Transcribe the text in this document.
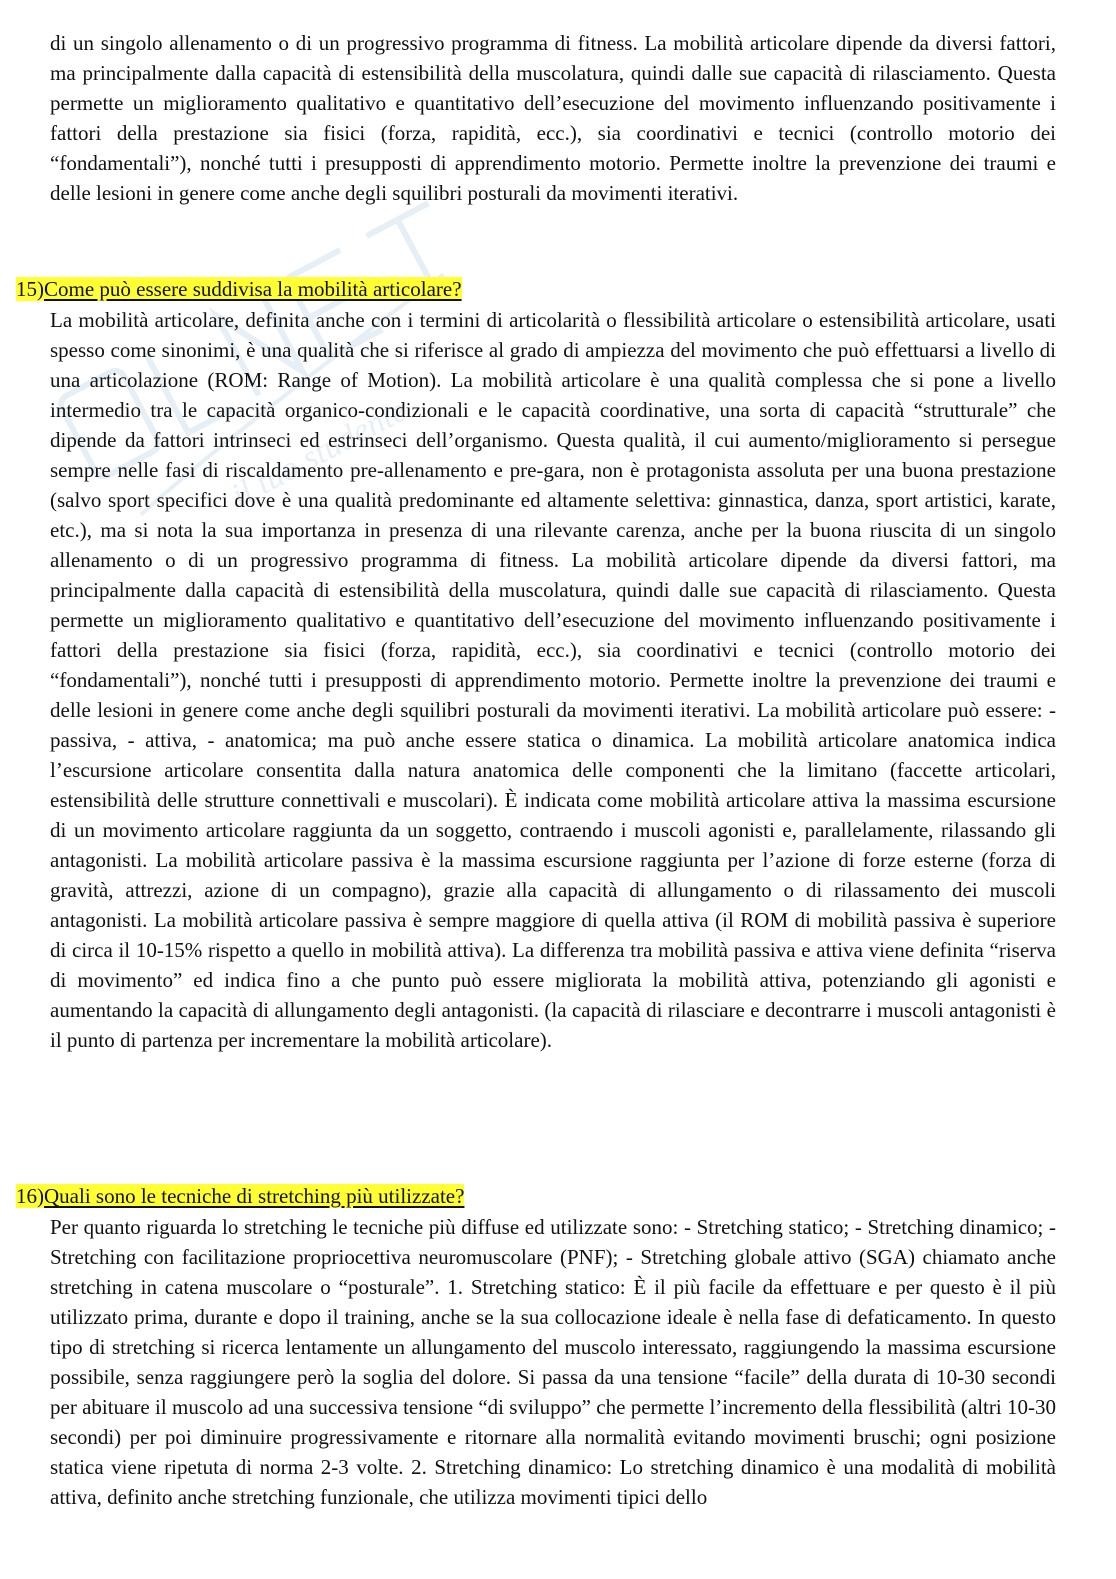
il tuo studente

di un singolo allenamento o di un progressivo programma di fitness. La mobilità articolare dipende da diversi fattori, ma principalmente dalla capacità di estensibilità della muscolatura, quindi dalle sue capacità di rilasciamento. Questa permette un miglioramento qualitativo e quantitativo dell’esecuzione del movimento influenzando positivamente i fattori della prestazione sia fisici (forza, rapidità, ecc.), sia coordinativi e tecnici (controllo motorio dei “fondamentali”), nonché tutti i presupposti di apprendimento motorio. Permette inoltre la prevenzione dei traumi e delle lesioni in genere come anche degli squilibri posturali da movimenti iterativi.

15)Come può essere suddivisa la mobilità articolare?

La mobilità articolare, definita anche con i termini di articolarità o flessibilità articolare o estensibilità articolare, usati spesso come sinonimi, è una qualità che si riferisce al grado di ampiezza del movimento che può effettuarsi a livello di una articolazione (ROM: Range of Motion). La mobilità articolare è una qualità complessa che si pone a livello intermedio tra le capacità organico-condizionali e le capacità coordinative, una sorta di capacità “strutturale” che dipende da fattori intrinseci ed estrinseci dell’organismo. Questa qualità, il cui aumento/miglioramento si persegue sempre nelle fasi di riscaldamento pre-allenamento e pre-gara, non è protagonista assoluta per una buona prestazione (salvo sport specifici dove è una qualità predominante ed altamente selettiva: ginnastica, danza, sport artistici, karate, etc.), ma si nota la sua importanza in presenza di una rilevante carenza, anche per la buona riuscita di un singolo allenamento o di un progressivo programma di fitness. La mobilità articolare dipende da diversi fattori, ma principalmente dalla capacità di estensibilità della muscolatura, quindi dalle sue capacità di rilasciamento. Questa permette un miglioramento qualitativo e quantitativo dell’esecuzione del movimento influenzando positivamente i fattori della prestazione sia fisici (forza, rapidità, ecc.), sia coordinativi e tecnici (controllo motorio dei “fondamentali”), nonché tutti i presupposti di apprendimento motorio. Permette inoltre la prevenzione dei traumi e delle lesioni in genere come anche degli squilibri posturali da movimenti iterativi. La mobilità articolare può essere: - passiva, - attiva, - anatomica; ma può anche essere statica o dinamica. La mobilità articolare anatomica indica l’escursione articolare consentita dalla natura anatomica delle componenti che la limitano (faccette articolari, estensibilità delle strutture connettivali e muscolari). È indicata come mobilità articolare attiva la massima escursione di un movimento articolare raggiunta da un soggetto, contraendo i muscoli agonisti e, parallelamente, rilassando gli antagonisti. La mobilità articolare passiva è la massima escursione raggiunta per l’azione di forze esterne (forza di gravità, attrezzi, azione di un compagno), grazie alla capacità di allungamento o di rilassamento dei muscoli antagonisti. La mobilità articolare passiva è sempre maggiore di quella attiva (il ROM di mobilità passiva è superiore di circa il 10-15% rispetto a quello in mobilità attiva). La differenza tra mobilità passiva e attiva viene definita “riserva di movimento” ed indica fino a che punto può essere migliorata la mobilità attiva, potenziando gli agonisti e aumentando la capacità di allungamento degli antagonisti. (la capacità di rilasciare e decontrarre i muscoli antagonisti è il punto di partenza per incrementare la mobilità articolare).

16)Quali sono le tecniche di stretching più utilizzate?

Per quanto riguarda lo stretching le tecniche più diffuse ed utilizzate sono: - Stretching statico; - Stretching dinamico; - Stretching con facilitazione propriocettiva neuromuscolare (PNF); - Stretching globale attivo (SGA) chiamato anche stretching in catena muscolare o “posturale”. 1. Stretching statico: È il più facile da effettuare e per questo è il più utilizzato prima, durante e dopo il training, anche se la sua collocazione ideale è nella fase di defaticamento. In questo tipo di stretching si ricerca lentamente un allungamento del muscolo interessato, raggiungendo la massima escursione possibile, senza raggiungere però la soglia del dolore. Si passa da una tensione “facile” della durata di 10-30 secondi per abituare il muscolo ad una successiva tensione “di sviluppo” che permette l’incremento della flessibilità (altri 10-30 secondi) per poi diminuire progressivamente e ritornare alla normalità evitando movimenti bruschi; ogni posizione statica viene ripetuta di norma 2-3 volte. 2. Stretching dinamico: Lo stretching dinamico è una modalità di mobilità attiva, definito anche stretching funzionale, che utilizza movimenti tipici dello
